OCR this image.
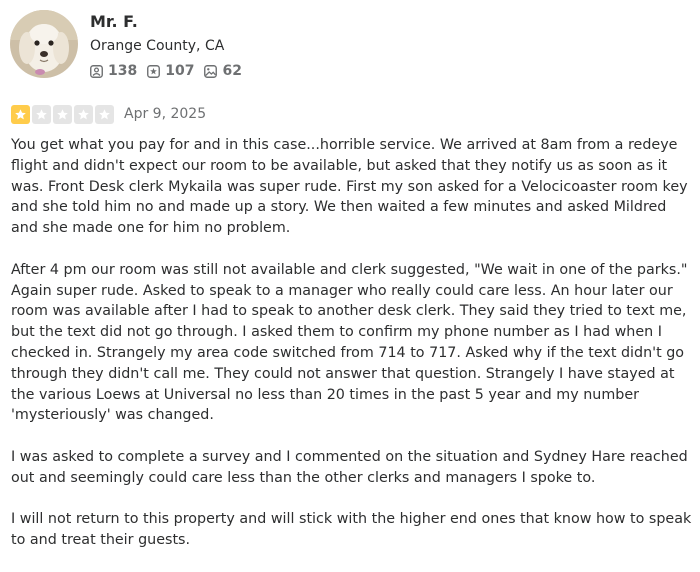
Mr. F.
Orange County, CA
138 107 62
Apr 9, 2025

You get what you pay for and in this case...horrible service. We arrived at 8am from a redeye flight and didn't expect our room to be available, but asked that they notify us as soon as it was. Front Desk clerk Mykaila was super rude. First my son asked for a Velocicoaster room key and she told him no and made up a story. We then waited a few minutes and asked Mildred and she made one for him no problem.

After 4 pm our room was still not available and clerk suggested, "We wait in one of the parks." Again super rude. Asked to speak to a manager who really could care less. An hour later our room was available after I had to speak to another desk clerk. They said they tried to text me, but the text did not go through. I asked them to confirm my phone number as I had when I checked in. Strangely my area code switched from 714 to 717. Asked why if the text didn't go through they didn't call me. They could not answer that question. Strangely I have stayed at the various Loews at Universal no less than 20 times in the past 5 year and my number 'mysteriously' was changed.

I was asked to complete a survey and I commented on the situation and Sydney Hare reached out and seemingly could care less than the other clerks and managers I spoke to.

I will not return to this property and will stick with the higher end ones that know how to speak to and treat their guests.
